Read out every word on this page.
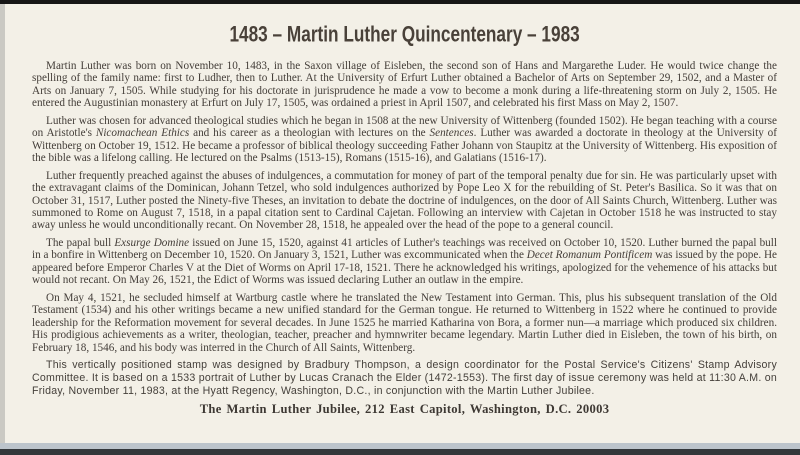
1483 – Martin Luther Quincentenary – 1983

Martin Luther was born on November 10, 1483, in the Saxon village of Eisleben, the second son of Hans and Margarethe Luder. He would twice change the spelling of the family name: first to Ludher, then to Luther. At the University of Erfurt Luther obtained a Bachelor of Arts on September 29, 1502, and a Master of Arts on January 7, 1505. While studying for his doctorate in jurisprudence he made a vow to become a monk during a life-threatening storm on July 2, 1505. He entered the Augustinian monastery at Erfurt on July 17, 1505, was ordained a priest in April 1507, and celebrated his first Mass on May 2, 1507.

Luther was chosen for advanced theological studies which he began in 1508 at the new University of Wittenberg (founded 1502). He began teaching with a course on Aristotle's Nicomachean Ethics and his career as a theologian with lectures on the Sentences. Luther was awarded a doctorate in theology at the University of Wittenberg on October 19, 1512. He became a professor of biblical theology succeeding Father Johann von Staupitz at the University of Wittenberg. His exposition of the bible was a lifelong calling. He lectured on the Psalms (1513-15), Romans (1515-16), and Galatians (1516-17).

Luther frequently preached against the abuses of indulgences, a commutation for money of part of the temporal penalty due for sin. He was particularly upset with the extravagant claims of the Dominican, Johann Tetzel, who sold indulgences authorized by Pope Leo X for the rebuilding of St. Peter's Basilica. So it was that on October 31, 1517, Luther posted the Ninety-five Theses, an invitation to debate the doctrine of indulgences, on the door of All Saints Church, Wittenberg. Luther was summoned to Rome on August 7, 1518, in a papal citation sent to Cardinal Cajetan. Following an interview with Cajetan in October 1518 he was instructed to stay away unless he would unconditionally recant. On November 28, 1518, he appealed over the head of the pope to a general council.

The papal bull Exsurge Domine issued on June 15, 1520, against 41 articles of Luther's teachings was received on October 10, 1520. Luther burned the papal bull in a bonfire in Wittenberg on December 10, 1520. On January 3, 1521, Luther was excommunicated when the Decet Romanum Pontificem was issued by the pope. He appeared before Emperor Charles V at the Diet of Worms on April 17-18, 1521. There he acknowledged his writings, apologized for the vehemence of his attacks but would not recant. On May 26, 1521, the Edict of Worms was issued declaring Luther an outlaw in the empire.

On May 4, 1521, he secluded himself at Wartburg castle where he translated the New Testament into German. This, plus his subsequent translation of the Old Testament (1534) and his other writings became a new unified standard for the German tongue. He returned to Wittenberg in 1522 where he continued to provide leadership for the Reformation movement for several decades. In June 1525 he married Katharina von Bora, a former nun—a marriage which produced six children. His prodigious achievements as a writer, theologian, teacher, preacher and hymnwriter became legendary. Martin Luther died in Eisleben, the town of his birth, on February 18, 1546, and his body was interred in the Church of All Saints, Wittenberg.

This vertically positioned stamp was designed by Bradbury Thompson, a design coordinator for the Postal Service's Citizens' Stamp Advisory Committee. It is based on a 1533 portrait of Luther by Lucas Cranach the Elder (1472-1553). The first day of issue ceremony was held at 11:30 A.M. on Friday, November 11, 1983, at the Hyatt Regency, Washington, D.C., in conjunction with the Martin Luther Jubilee.

The Martin Luther Jubilee, 212 East Capitol, Washington, D.C. 20003
